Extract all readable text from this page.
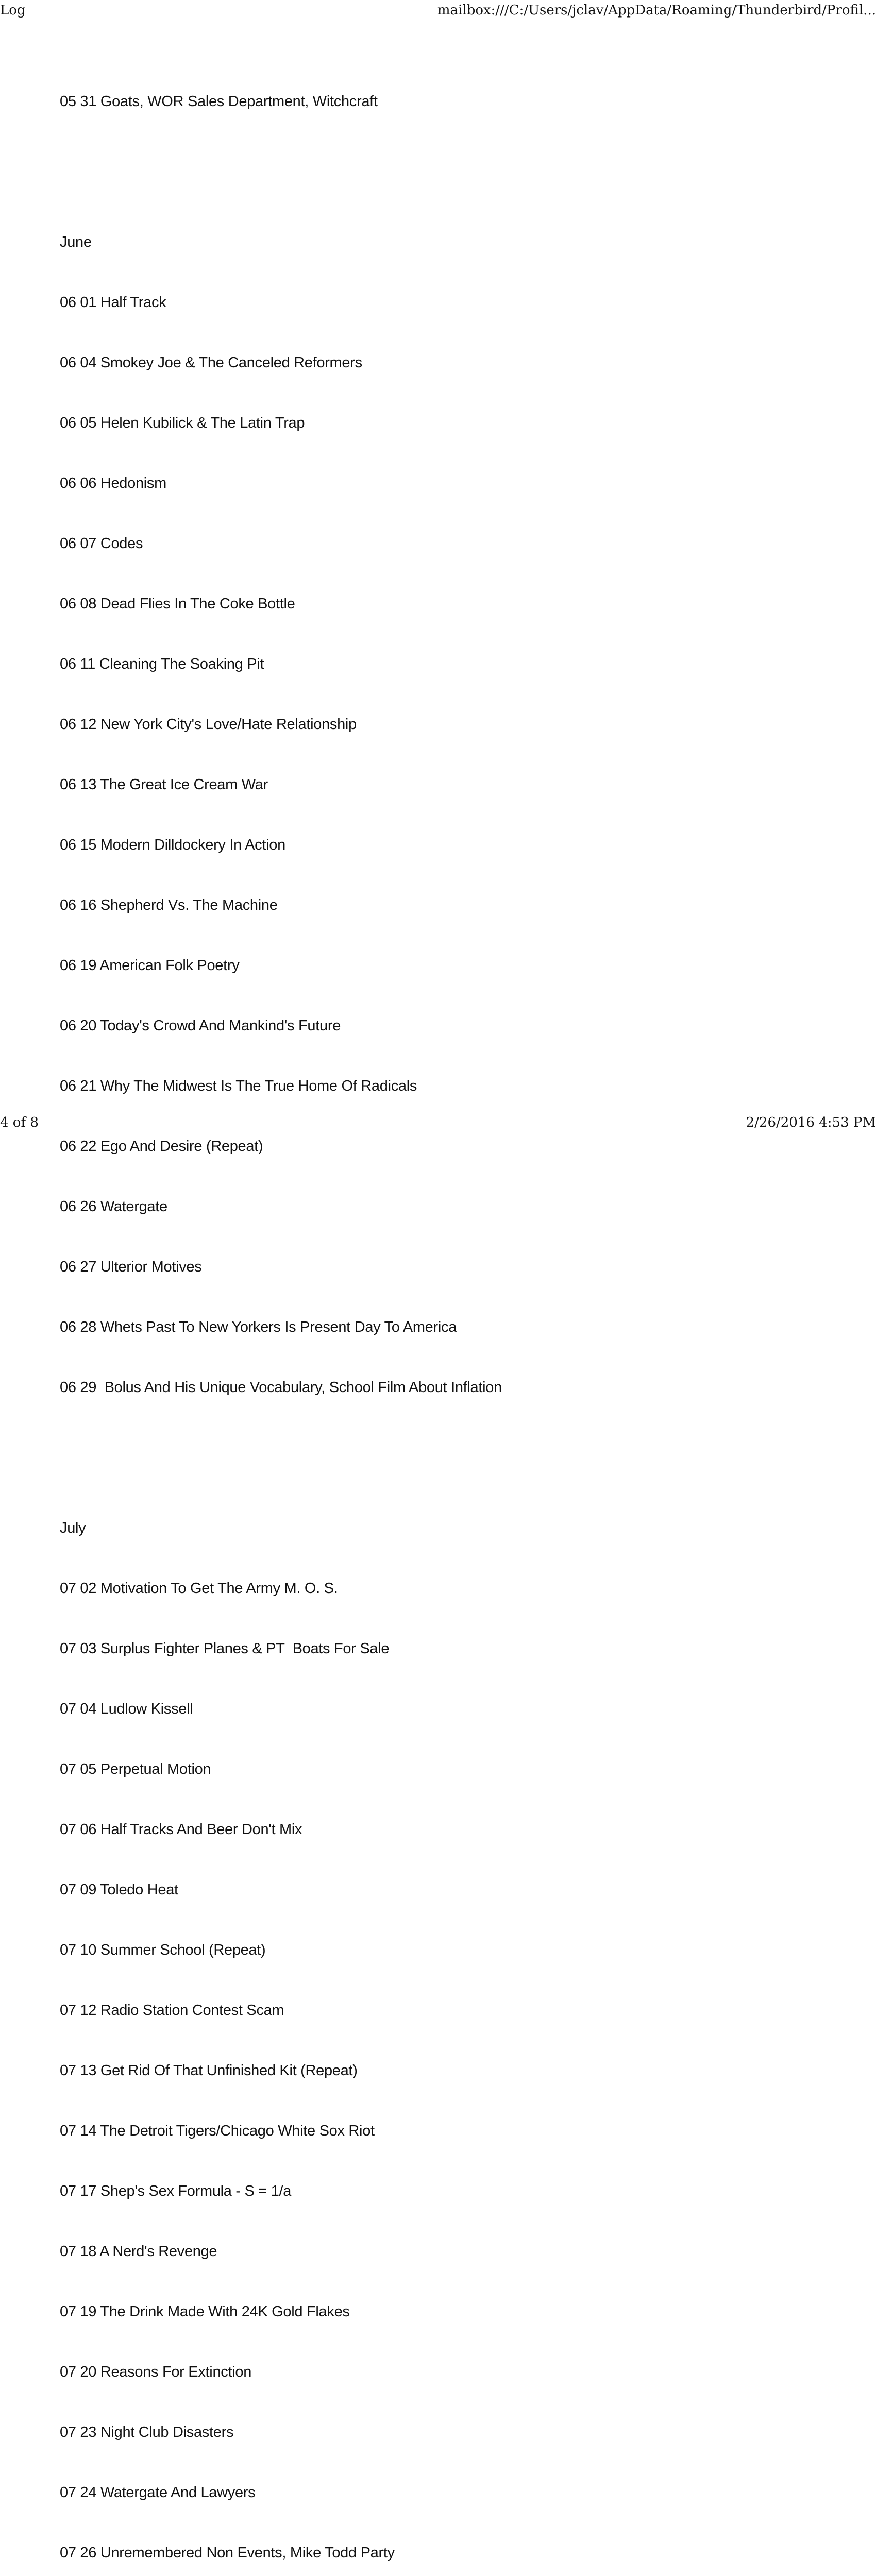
Log	mailbox:///C:/Users/jclav/AppData/Roaming/Thunderbird/Profil...

05 31 Goats, WOR Sales Department, Witchcraft

June

06 01 Half Track

06 04 Smokey Joe & The Canceled Reformers

06 05 Helen Kubilick & The Latin Trap

06 06 Hedonism

06 07 Codes

06 08 Dead Flies In The Coke Bottle

06 11 Cleaning The Soaking Pit

06 12 New York City's Love/Hate Relationship

06 13 The Great Ice Cream War

06 15 Modern Dilldockery In Action

06 16 Shepherd Vs. The Machine

06 19 American Folk Poetry

06 20 Today's Crowd And Mankind's Future

06 21 Why The Midwest Is The True Home Of Radicals

06 22 Ego And Desire (Repeat)

06 26 Watergate

06 27 Ulterior Motives

06 28 Whets Past To New Yorkers Is Present Day To America

06 29  Bolus And His Unique Vocabulary, School Film About Inflation

July

07 02 Motivation To Get The Army M. O. S.

07 03 Surplus Fighter Planes & PT  Boats For Sale

07 04 Ludlow Kissell

07 05 Perpetual Motion

07 06 Half Tracks And Beer Don't Mix

07 09 Toledo Heat

07 10 Summer School (Repeat)

07 12 Radio Station Contest Scam

07 13 Get Rid Of That Unfinished Kit (Repeat)

07 14 The Detroit Tigers/Chicago White Sox Riot

07 17 Shep's Sex Formula - S = 1/a

07 18 A Nerd's Revenge

07 19 The Drink Made With 24K Gold Flakes

07 20 Reasons For Extinction

07 23 Night Club Disasters

07 24 Watergate And Lawyers

07 26 Unremembered Non Events, Mike Todd Party

4 of 8	2/26/2016 4:53 PM
